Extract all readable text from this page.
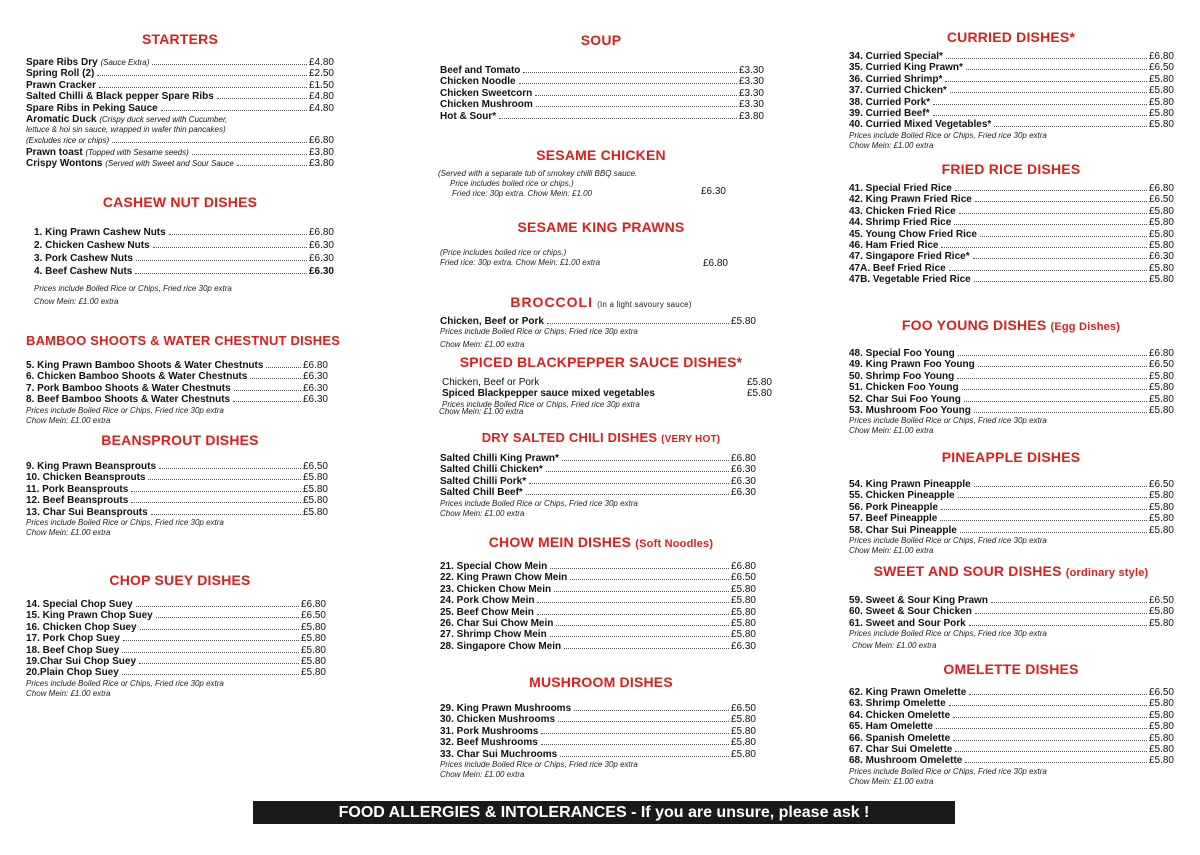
STARTERS
Spare Ribs Dry (Sauce Extra)	£4.80
Spring Roll (2)	£2.50
Prawn Cracker	£1.50
Salted Chilli & Black pepper Spare Ribs	£4.80
Spare Ribs in Peking Sauce	£4.80
Aromatic Duck (Crispy duck served with Cucumber,
lettuce & hoi sin sauce, wrapped in wafer thin pancakes)
(Excludes rice or chips)	£6.80
Prawn toast (Topped with Sesame seeds)	£3.80
Crispy Wontons (Served with Sweet and Sour Sauce	£3.80
CASHEW NUT DISHES
1. King Prawn Cashew Nuts	£6.80
2. Chicken Cashew Nuts	£6.30
3. Pork Cashew Nuts	£6.30
4. Beef Cashew Nuts	£6.30
Prices include Boiled Rice or Chips, Fried rice 30p extra
Chow Mein: £1.00 extra
BAMBOO SHOOTS & WATER CHESTNUT DISHES
5. King Prawn Bamboo Shoots & Water Chestnuts	£6.80
6. Chicken Bamboo Shoots & Water Chestnuts	£6.30
7. Pork Bamboo Shoots & Water Chestnuts	£6.30
8. Beef Bamboo Shoots & Water Chestnuts	£6.30
Prices include Boiled Rice or Chips, Fried rice 30p extra
Chow Mein: £1.00 extra
BEANSPROUT DISHES
9. King Prawn Beansprouts	£6.50
10. Chicken Beansprouts	£5.80
11. Pork Beansprouts	£5.80
12. Beef Beansprouts	£5.80
13. Char Sui Beansprouts	£5.80
Prices include Boiled Rice or Chips, Fried rice 30p extra
Chow Mein: £1.00 extra
CHOP SUEY DISHES
14. Special Chop Suey	£6.80
15. King Prawn Chop Suey	£6.50
16. Chicken Chop Suey	£5.80
17. Pork Chop Suey	£5.80
18. Beef Chop Suey	£5.80
19.Char Sui Chop Suey	£5.80
20.Plain Chop Suey	£5.80
Prices include Boiled Rice or Chips, Fried rice 30p extra
Chow Mein: £1.00 extra
SOUP
Beef and Tomato	£3.30
Chicken Noodle	£3.30
Chicken Sweetcorn	£3.30
Chicken Mushroom	£3.30
Hot & Sour*	£3.80
SESAME CHICKEN
(Served with a separate tub of smokey chilli BBQ sauce.
Price includes boiled rice or chips.)
Fried rice: 30p extra. Chow Mein: £1.00	£6.30
SESAME KING PRAWNS
(Price includes boiled rice or chips.)
Fried rice: 30p extra. Chow Mein: £1.00 extra	£6.80
BROCCOLI (In a light savoury sauce)
Chicken, Beef or Pork	£5.80
Prices include Boiled Rice or Chips, Fried rice 30p extra
Chow Mein: £1.00 extra
SPICED BLACKPEPPER SAUCE DISHES*
Chicken, Beef or Pork	£5.80
Spiced Blackpepper sauce mixed vegetables	£5.80
Prices include Boiled Rice or Chips, Fried rice 30p extra
Chow Mein: £1.00 extra
DRY SALTED CHILI DISHES (VERY HOT)
Salted Chilli King Prawn*	£6.80
Salted Chilli Chicken*	£6.30
Salted Chilli Pork*	£6.30
Salted Chill Beef*	£6.30
Prices include Boiled Rice or Chips, Fried rice 30p extra
Chow Mein: £1.00 extra
CHOW MEIN DISHES (Soft Noodles)
21. Special Chow Mein	£6.80
22. King Prawn Chow Mein	£6.50
23. Chicken Chow Mein	£5.80
24. Pork Chow Mein	£5.80
25. Beef Chow Mein	£5.80
26. Char Sui Chow Mein	£5.80
27. Shrimp Chow Mein	£5.80
28. Singapore Chow Mein	£6.30
MUSHROOM DISHES
29. King Prawn Mushrooms	£6.50
30. Chicken Mushrooms	£5.80
31. Pork Mushrooms	£5.80
32. Beef Mushrooms	£5.80
33. Char Sui Muchrooms	£5.80
Prices include Boiled Rice or Chips, Fried rice 30p extra
Chow Mein: £1.00 extra
CURRIED DISHES*
34. Curried Special*	£6.80
35. Curried King Prawn*	£6.50
36. Curried Shrimp*	£5.80
37. Curried Chicken*	£5.80
38. Curried Pork*	£5.80
39. Curried Beef*	£5.80
40. Curried Mixed Vegetables*	£5.80
Prices include Boiled Rice or Chips, Fried rice 30p extra
Chow Mein: £1.00 extra
FRIED RICE DISHES
41. Special Fried Rice	£6.80
42. King Prawn Fried Rice	£6.50
43. Chicken Fried Rice	£5.80
44. Shrimp Fried Rice	£5.80
45. Young Chow Fried Rice	£5.80
46. Ham Fried Rice	£5.80
47. Singapore Fried Rice*	£6.30
47A. Beef Fried Rice	£5.80
47B. Vegetable Fried Rice	£5.80
FOO YOUNG DISHES (Egg Dishes)
48. Special Foo Young	£6.80
49. King Prawn Foo Young	£6.50
50. Shrimp Foo Young	£5.80
51. Chicken Foo Young	£5.80
52. Char Sui Foo Young	£5.80
53. Mushroom Foo Young	£5.80
Prices include Boiled Rice or Chips, Fried rice 30p extra
Chow Mein: £1.00 extra
PINEAPPLE DISHES
54. King Prawn Pineapple	£6.50
55. Chicken Pineapple	£5.80
56. Pork Pineapple	£5.80
57. Beef Pineapple	£5.80
58. Char Sui Pineapple	£5.80
Prices include Boiled Rice or Chips, Fried rice 30p extra
Chow Mein: £1.00 extra
SWEET AND SOUR DISHES (ordinary style)
59. Sweet & Sour King Prawn	£6.50
60. Sweet & Sour Chicken	£5.80
61. Sweet and Sour Pork	£5.80
Prices include Boiled Rice or Chips, Fried rice 30p extra
Chow Mein: £1.00 extra
OMELETTE DISHES
62. King Prawn Omelette	£6.50
63. Shrimp Omelette	£5.80
64. Chicken Omelette	£5.80
65. Ham Omelette	£5.80
66. Spanish Omelette	£5.80
67. Char Sui Omelette	£5.80
68. Mushroom Omelette	£5.80
Prices include Boiled Rice or Chips, Fried rice 30p extra
Chow Mein: £1.00 extra
FOOD ALLERGIES & INTOLERANCES - If you are unsure, please ask !
